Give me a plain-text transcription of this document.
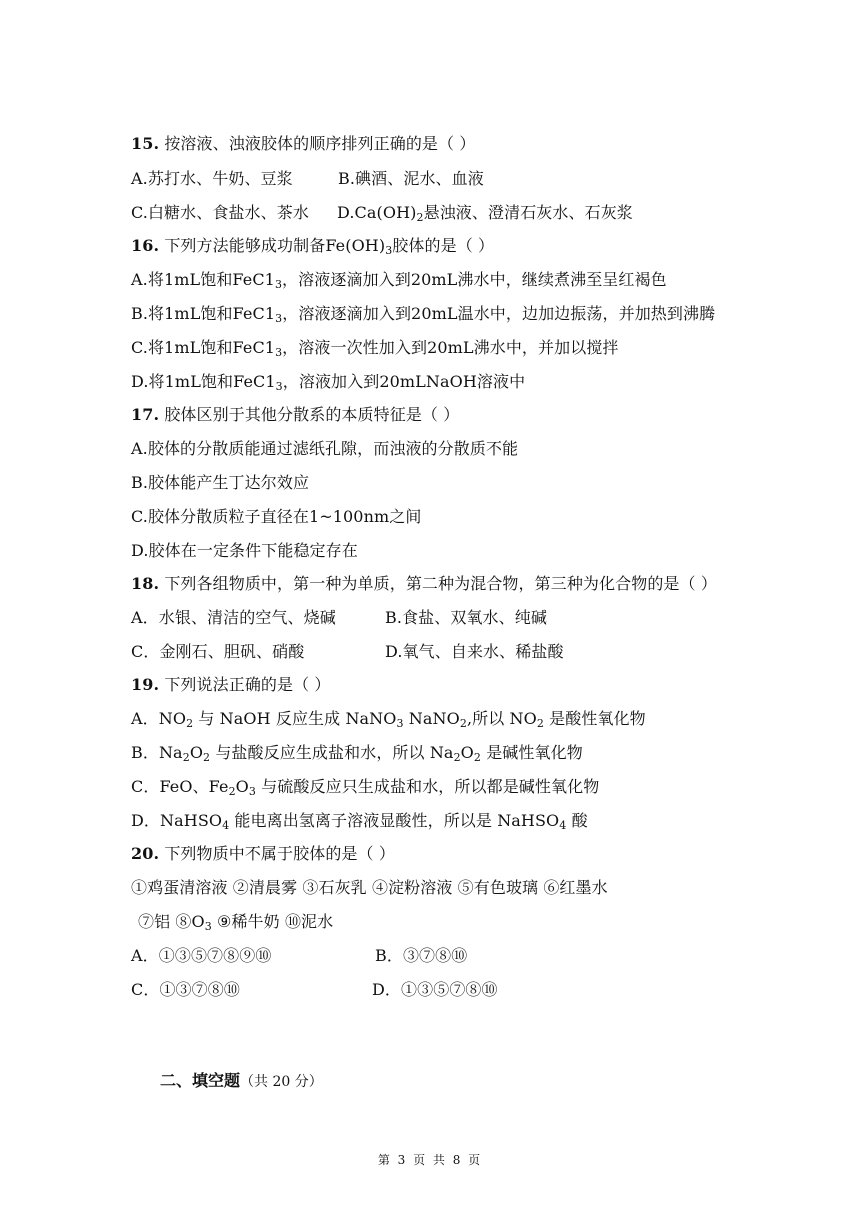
15. 按溶液、浊液胶体的顺序排列正确的是（ ）
A.苏打水、牛奶、豆浆	B.碘酒、泥水、血液
C.白糖水、食盐水、茶水 $D.Ca(OH)_2$悬浊液、澄清石灰水、石灰浆
16. 下列方法能够成功制备$Fe(OH)_3$胶体的是（ ）
A.将1mL饱和$FeC1_3$，溶液逐滴加入到20mL沸水中，继续煮沸至呈红褐色
B.将1mL饱和$FeC1_3$，溶液逐滴加入到20mL温水中，边加边振荡，并加热到沸腾
C.将1mL饱和$FeC1_3$，溶液一次性加入到20mL沸水中，并加以搅拌
D.将1mL饱和$FeC1_3$，溶液加入到20mLNaOH溶液中
17. 胶体区别于其他分散系的本质特征是（ ）
A.胶体的分散质能通过滤纸孔隙，而浊液的分散质不能
B.胶体能产生丁达尔效应
C.胶体分散质粒子直径在1~100nm之间
D.胶体在一定条件下能稳定存在
18. 下列各组物质中，第一种为单质，第二种为混合物，第三种为化合物的是（ ）
A．水银、清洁的空气、烧碱	B.食盐、双氧水、纯碱
C．金刚石、胆矾、硝酸	D.氧气、自来水、稀盐酸
19. 下列说法正确的是（ ）
A．$NO_2$ 与 NaOH 反应生成 NaNO$_3$ NaNO$_2$,所以 $NO_2$ 是酸性氧化物
B．$Na_2O_2$ 与盐酸反应生成盐和水，所以 $Na_2O_2$ 是碱性氧化物
C．FeO、$Fe_2O_3$ 与硫酸反应只生成盐和水，所以都是碱性氧化物
D．NaHSO$_4$ 能电离出氢离子溶液显酸性，所以是 NaHSO$_4$ 酸
20. 下列物质中不属于胶体的是（ ）
①鸡蛋清溶液 ②清晨雾 ③石灰乳 ④淀粉溶液 ⑤有色玻璃 ⑥红墨水
⑦铝 $⑧O_3$ ⑨稀牛奶 ⑩泥水
A．①③⑤⑦⑧⑨⑩	B．③⑦⑧⑩
C．①③⑦⑧⑩	D．①③⑤⑦⑧⑩
二、填空题（共 20 分）
第 3 页 共 8 页
